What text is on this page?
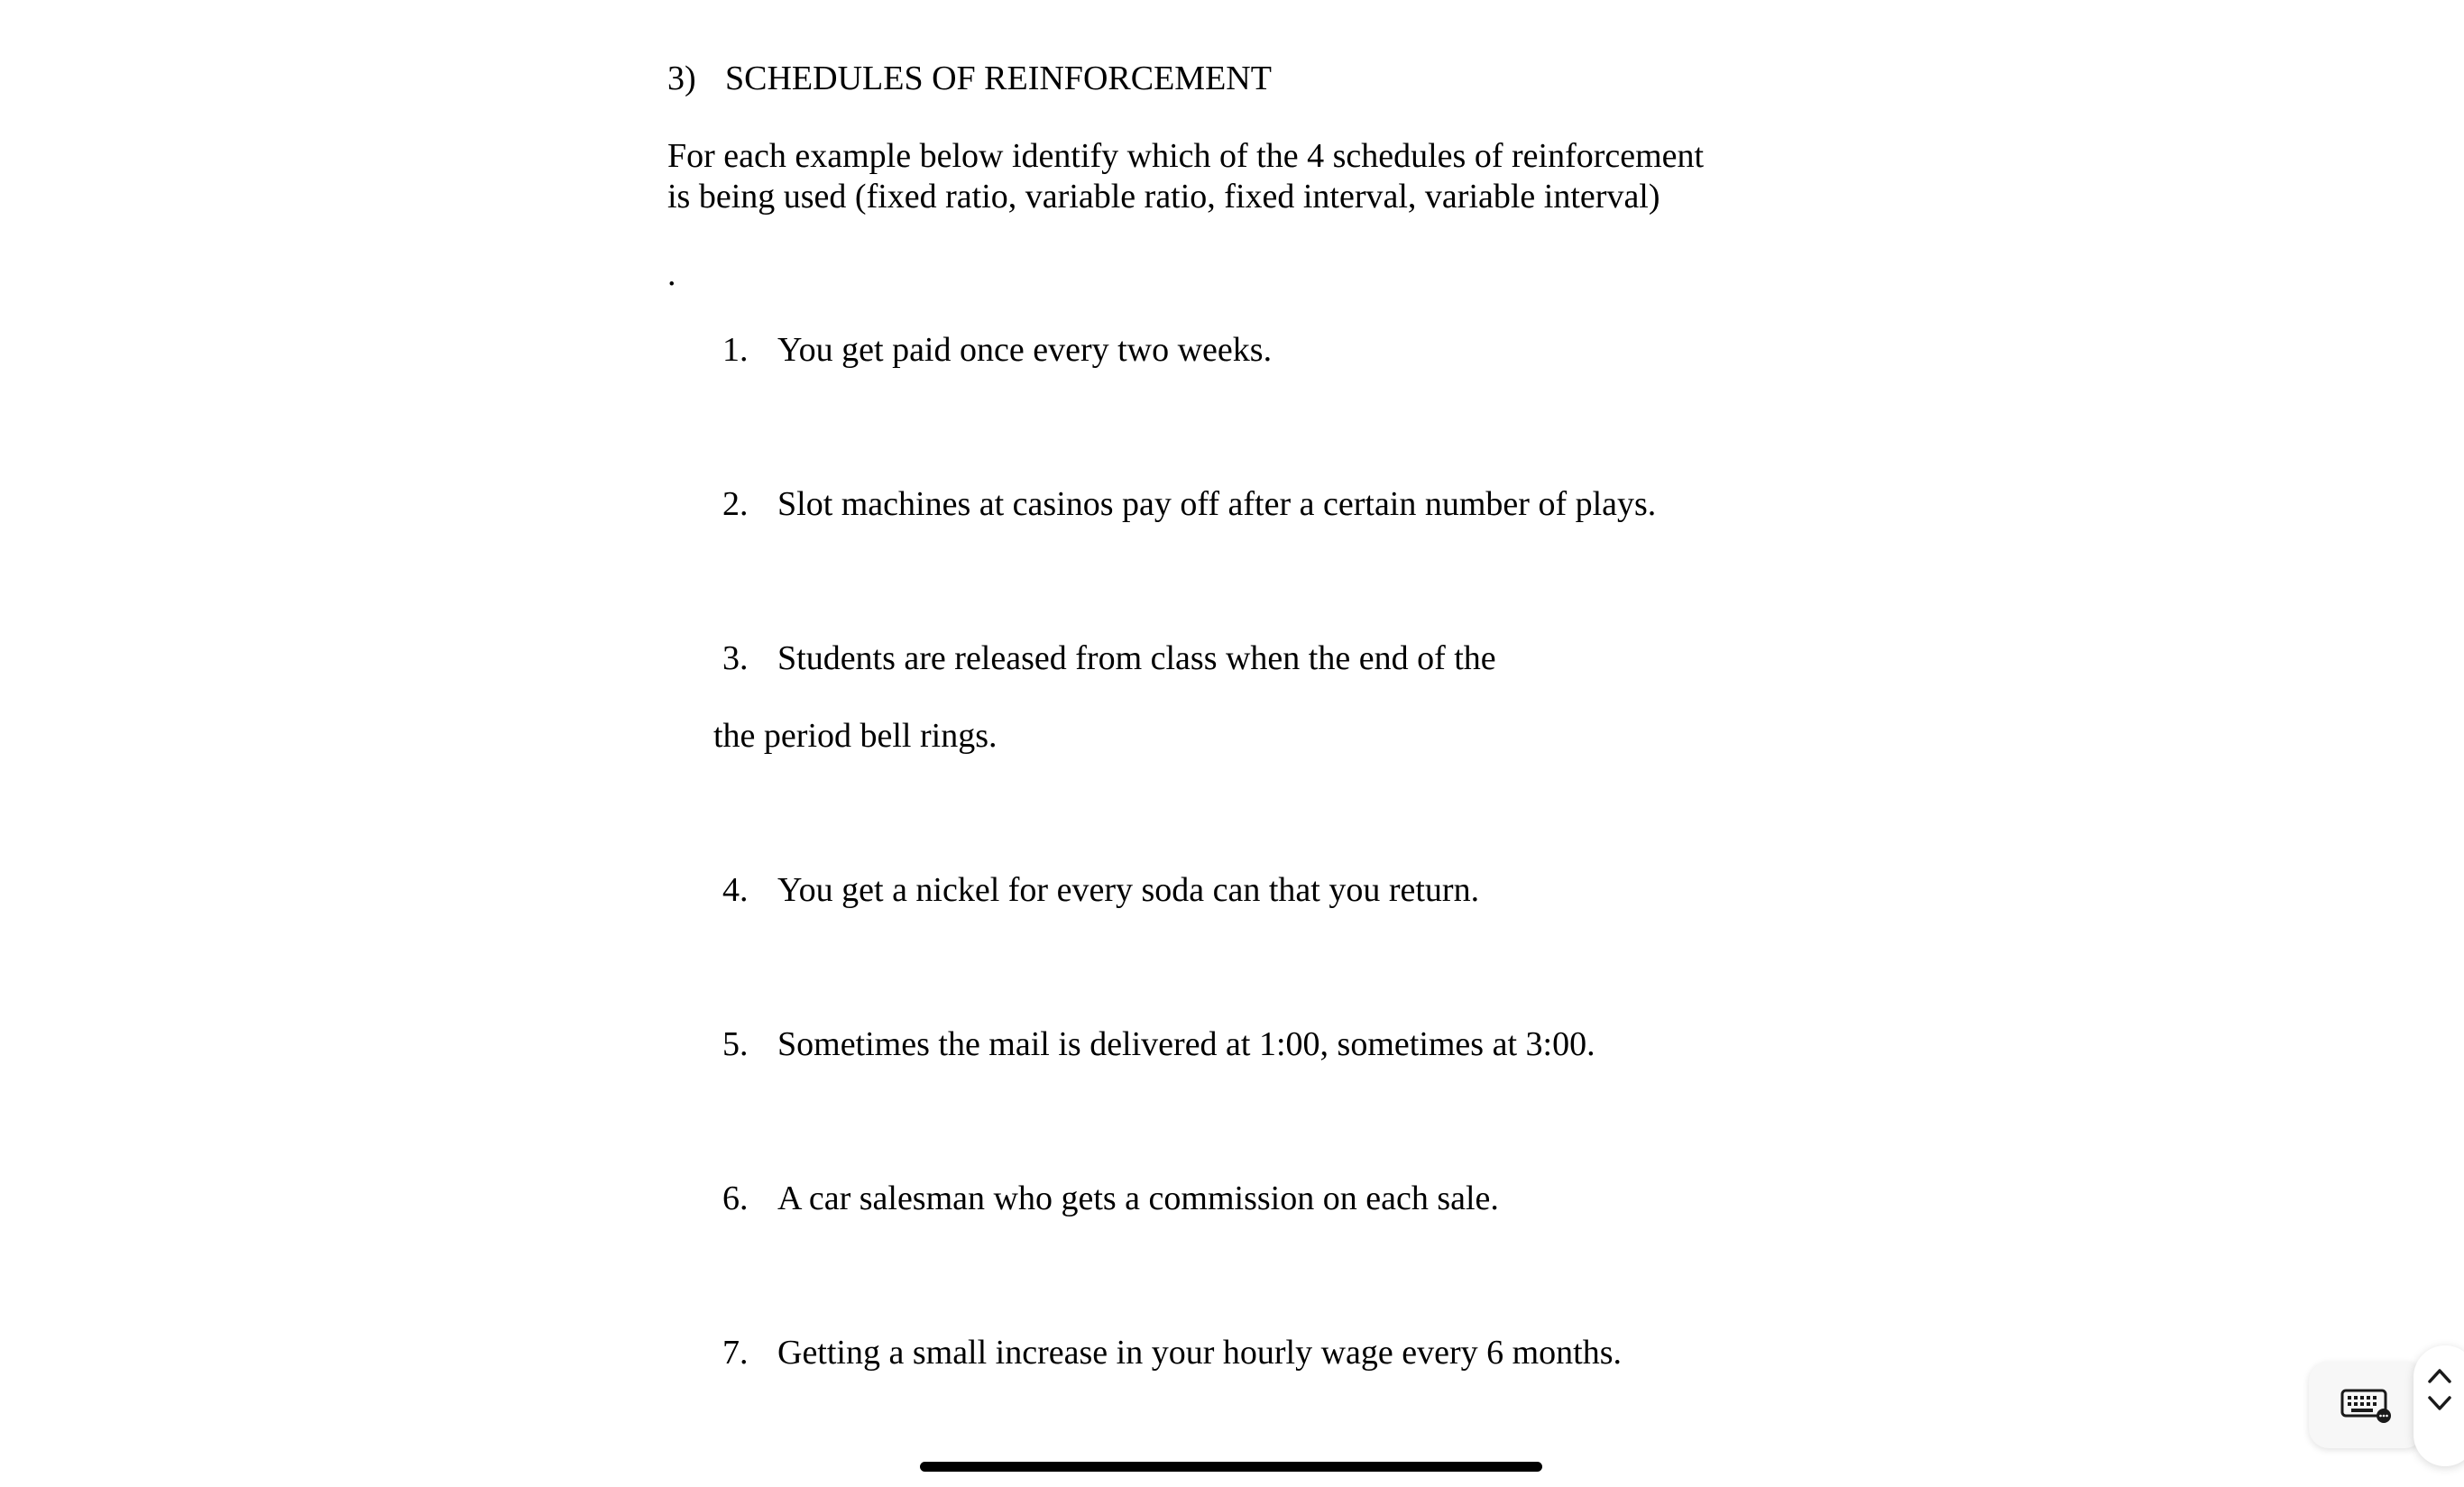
3) SCHEDULES OF REINFORCEMENT
For each example below identify which of the 4 schedules of reinforcement
is being used (fixed ratio, variable ratio, fixed interval, variable interval)
.
1. You get paid once every two weeks.
2. Slot machines at casinos pay off after a certain number of plays.
3. Students are released from class when the end of the
the period bell rings.
4. You get a nickel for every soda can that you return.
5. Sometimes the mail is delivered at 1:00, sometimes at 3:00.
6. A car salesman who gets a commission on each sale.
7. Getting a small increase in your hourly wage every 6 months.
